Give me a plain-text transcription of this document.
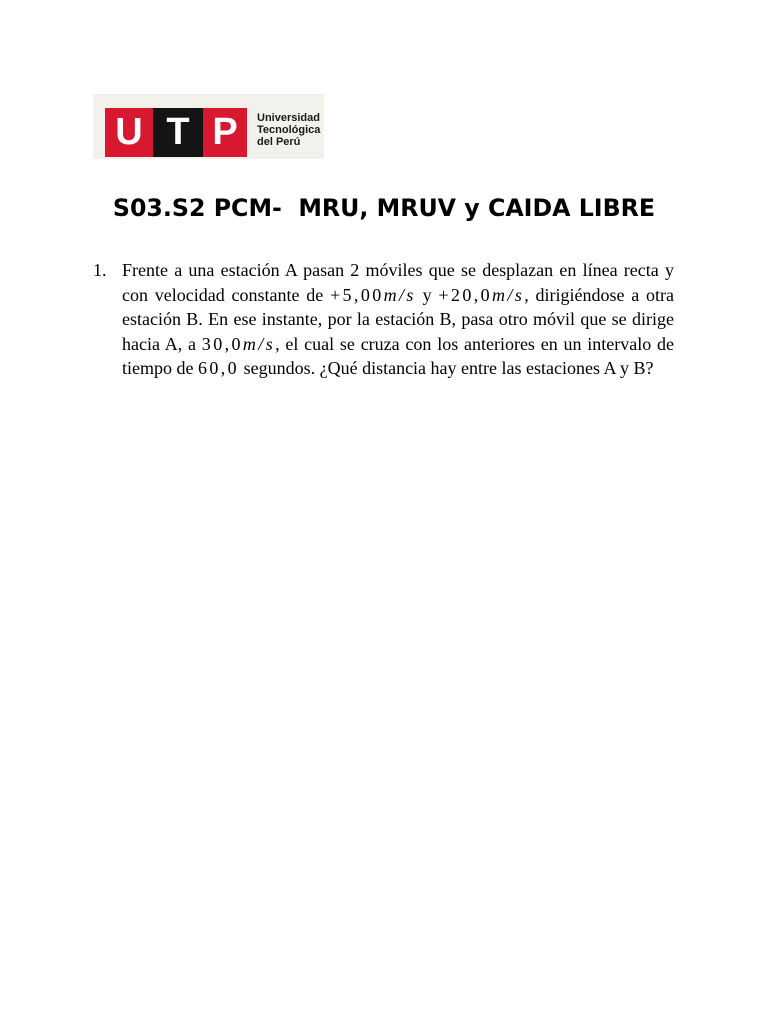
U T P	Universidad
Tecnológica
del Perú
S03.S2 PCM-  MRU, MRUV y CAIDA LIBRE
1. Frente a una estación A pasan 2 móviles que se desplazan en línea recta y con velocidad constante de +5,00m/s y +20,0m/s, dirigiéndose a otra estación B. En ese instante, por la estación B, pasa otro móvil que se dirige hacia A, a 30,0m/s, el cual se cruza con los anteriores en un intervalo de tiempo de 60,0 segundos. ¿Qué distancia hay entre las estaciones A y B?
